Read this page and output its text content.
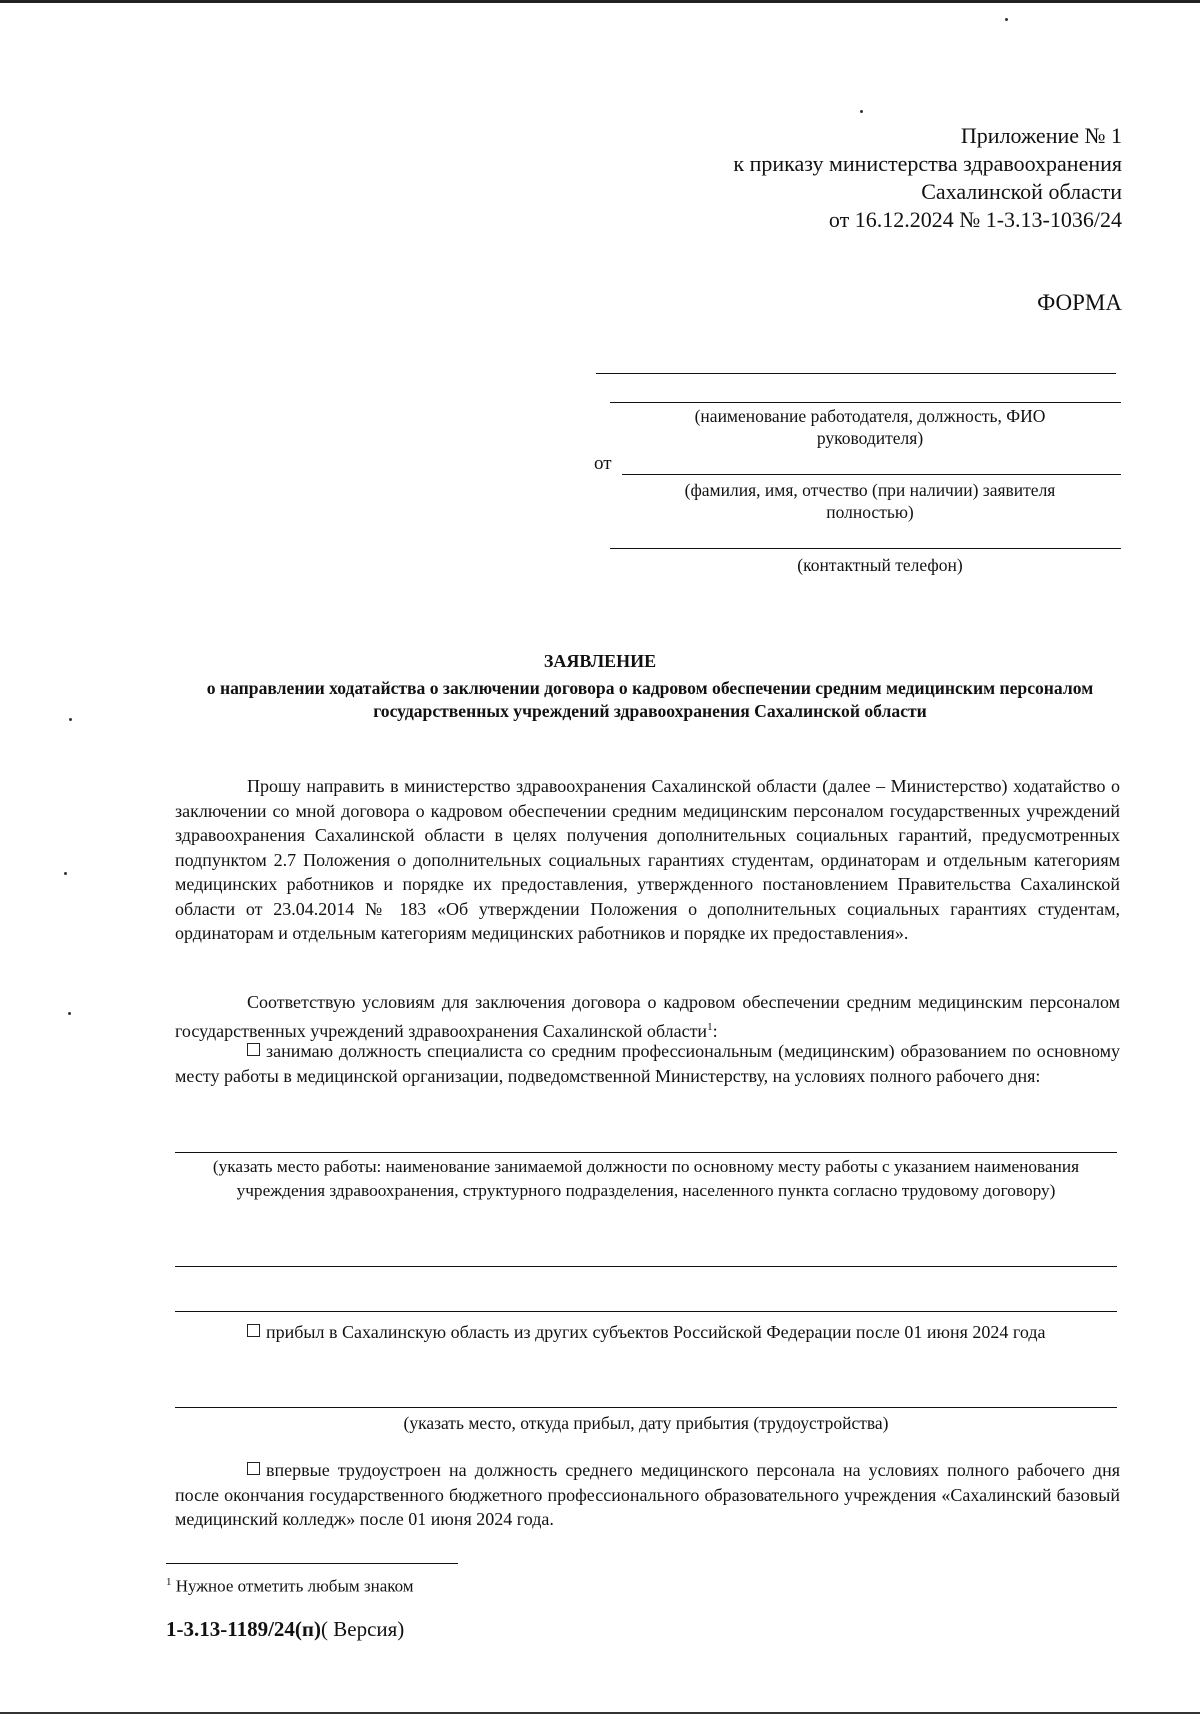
Приложение № 1
к приказу министерства здравоохранения
Сахалинской области
от 16.12.2024 № 1-3.13-1036/24
ФОРМА
(наименование работодателя, должность, ФИО руководителя)
от
(фамилия, имя, отчество (при наличии) заявителя полностью)
(контактный телефон)
ЗАЯВЛЕНИЕ
о направлении ходатайства о заключении договора о кадровом обеспечении средним медицинским персоналом государственных учреждений здравоохранения Сахалинской области
Прошу направить в министерство здравоохранения Сахалинской области (далее – Министерство) ходатайство о заключении со мной договора о кадровом обеспечении средним медицинским персоналом государственных учреждений здравоохранения Сахалинской области в целях получения дополнительных социальных гарантий, предусмотренных подпунктом 2.7 Положения о дополнительных социальных гарантиях студентам, ординаторам и отдельным категориям медицинских работников и порядке их предоставления, утвержденного постановлением Правительства Сахалинской области от 23.04.2014 № 183 «Об утверждении Положения о дополнительных социальных гарантиях студентам, ординаторам и отдельным категориям медицинских работников и порядке их предоставления».
Соответствую условиям для заключения договора о кадровом обеспечении средним медицинским персоналом государственных учреждений здравоохранения Сахалинской области$^1$:
занимаю должность специалиста со средним профессиональным (медицинским) образованием по основному месту работы в медицинской организации, подведомственной Министерству, на условиях полного рабочего дня:
(указать место работы: наименование занимаемой должности по основному месту работы с указанием наименования учреждения здравоохранения, структурного подразделения, населенного пункта согласно трудовому договору)
прибыл в Сахалинскую область из других субъектов Российской Федерации после 01 июня 2024 года
(указать место, откуда прибыл, дату прибытия (трудоустройства)
впервые трудоустроен на должность среднего медицинского персонала на условиях полного рабочего дня после окончания государственного бюджетного профессионального образовательного учреждения «Сахалинский базовый медицинский колледж» после 01 июня 2024 года.
$^1$ Нужное отметить любым знаком
1-3.13-1189/24(п)( Версия)
